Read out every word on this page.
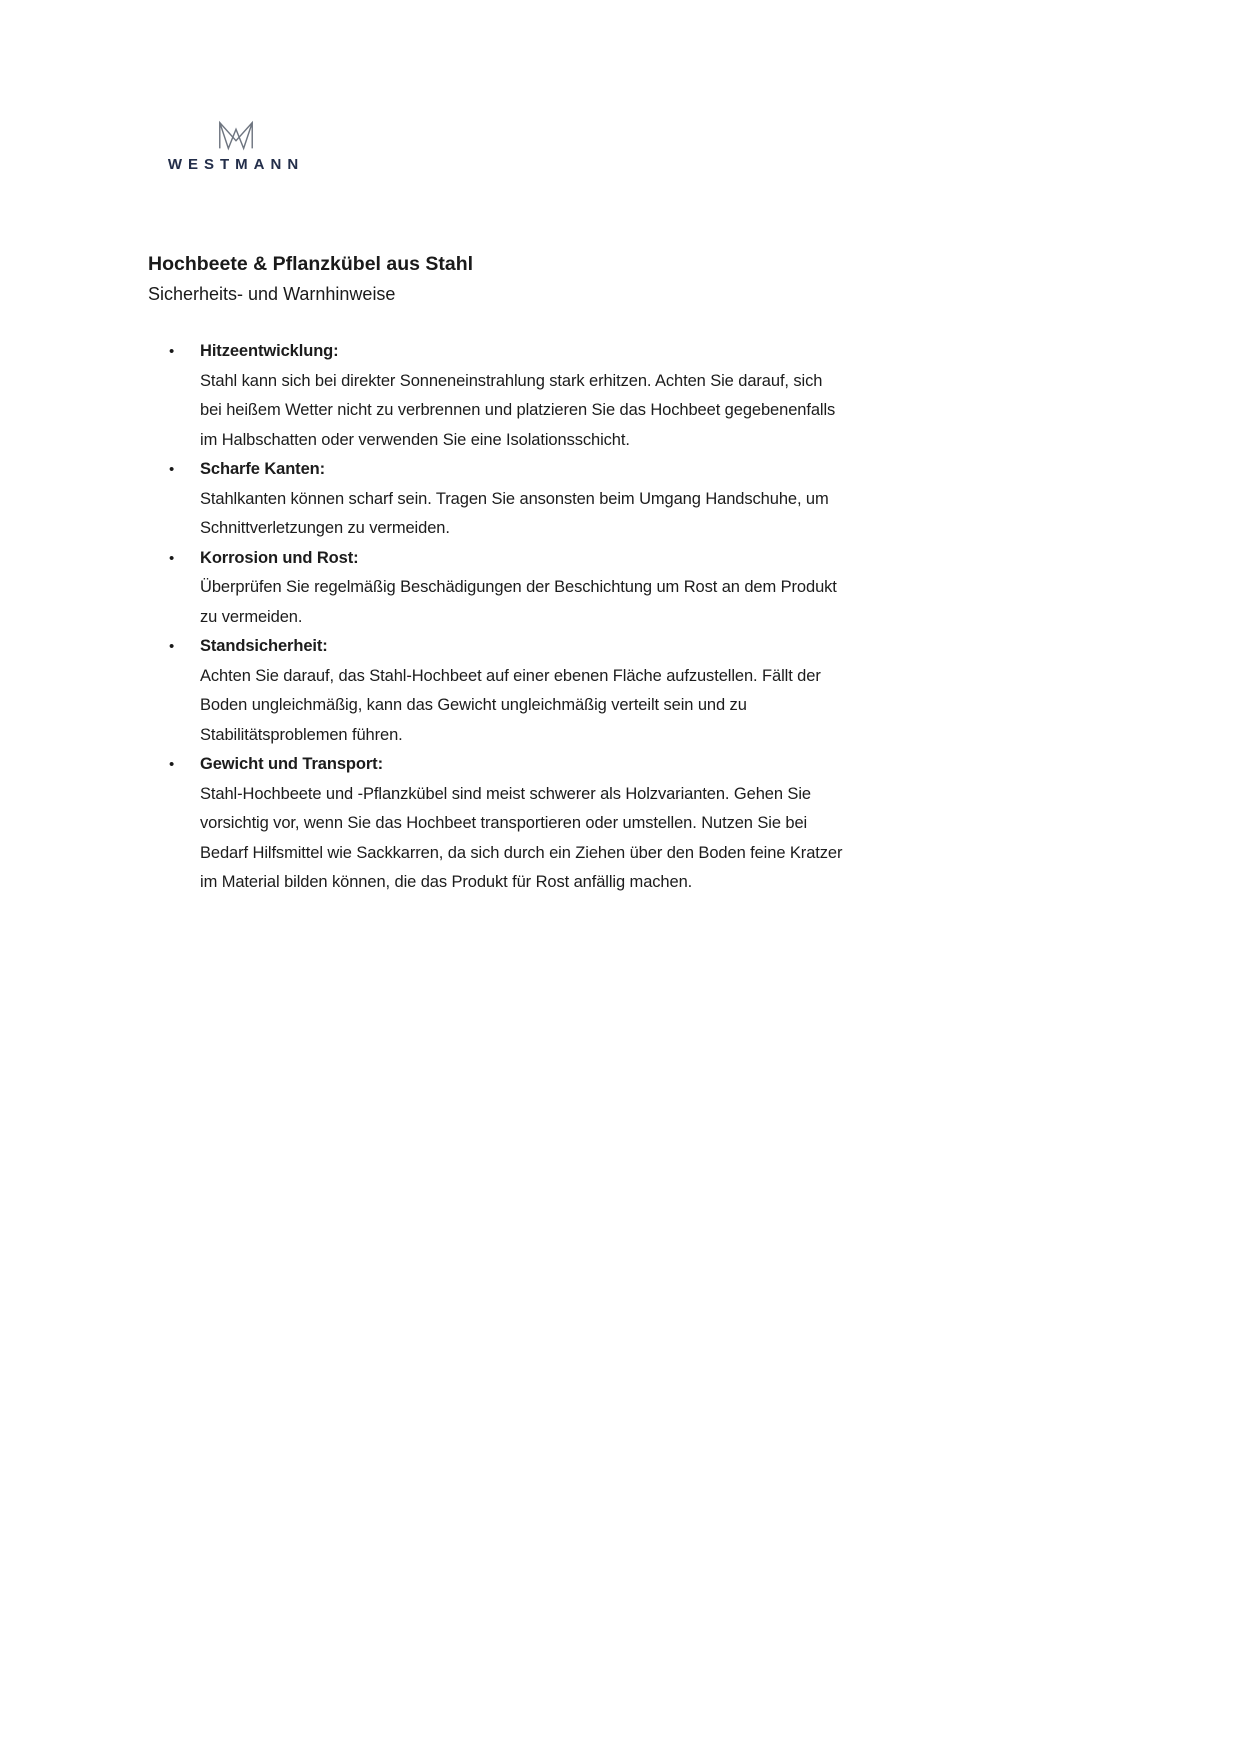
WESTMANN
Hochbeete & Pflanzkübel aus Stahl
Sicherheits- und Warnhinweise
•	Hitzeentwicklung:
Stahl kann sich bei direkter Sonneneinstrahlung stark erhitzen. Achten Sie darauf, sich
bei heißem Wetter nicht zu verbrennen und platzieren Sie das Hochbeet gegebenenfalls
im Halbschatten oder verwenden Sie eine Isolationsschicht.
•	Scharfe Kanten:
Stahlkanten können scharf sein. Tragen Sie ansonsten beim Umgang Handschuhe, um
Schnittverletzungen zu vermeiden.
•	Korrosion und Rost:
Überprüfen Sie regelmäßig Beschädigungen der Beschichtung um Rost an dem Produkt
zu vermeiden.
•	Standsicherheit:
Achten Sie darauf, das Stahl-Hochbeet auf einer ebenen Fläche aufzustellen. Fällt der
Boden ungleichmäßig, kann das Gewicht ungleichmäßig verteilt sein und zu
Stabilitätsproblemen führen.
•	Gewicht und Transport:
Stahl-Hochbeete und -Pflanzkübel sind meist schwerer als Holzvarianten. Gehen Sie
vorsichtig vor, wenn Sie das Hochbeet transportieren oder umstellen. Nutzen Sie bei
Bedarf Hilfsmittel wie Sackkarren, da sich durch ein Ziehen über den Boden feine Kratzer
im Material bilden können, die das Produkt für Rost anfällig machen.
